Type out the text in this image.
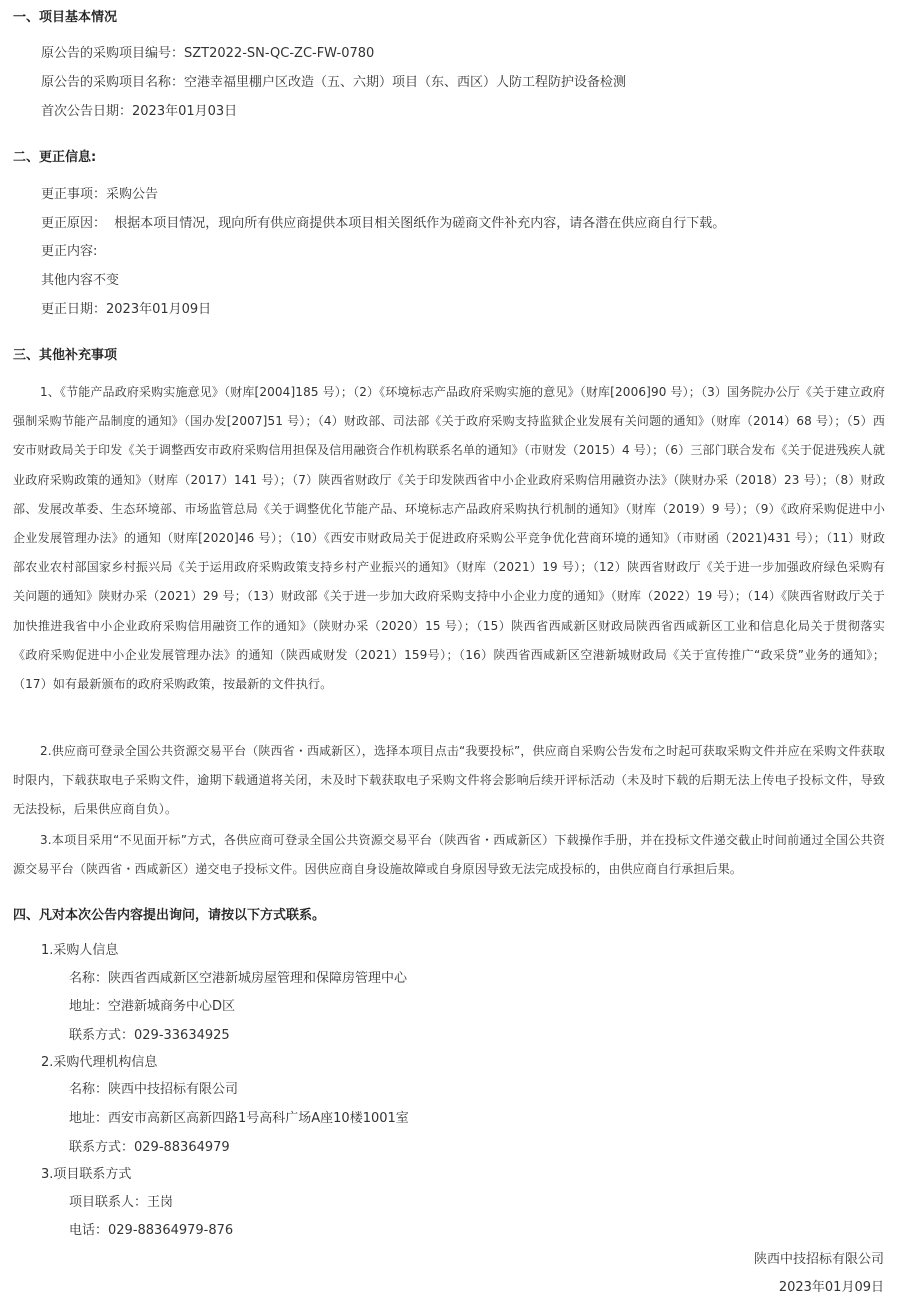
一、项目基本情况

原公告的采购项目编号：SZT2022-SN-QC-ZC-FW-0780

原公告的采购项目名称：空港幸福里棚户区改造（五、六期）项目（东、西区）人防工程防护设备检测

首次公告日期：2023年01月03日

二、更正信息:

更正事项：采购公告

更正原因：  根据本项目情况，现向所有供应商提供本项目相关图纸作为磋商文件补充内容，请各潜在供应商自行下载。

更正内容:

其他内容不变

更正日期：2023年01月09日

三、其他补充事项

1、《节能产品政府采购实施意见》（财库[2004]185 号）；（2）《环境标志产品政府采购实施的意见》（财库[2006]90 号）；（3）国务院办公厅《关于建立政府强制采购节能产品制度的通知》（国办发[2007]51 号）；（4）财政部、司法部《关于政府采购支持监狱企业发展有关问题的通知》（财库（2014）68 号）；（5）西安市财政局关于印发《关于调整西安市政府采购信用担保及信用融资合作机构联系名单的通知》（市财发（2015）4 号）；（6）三部门联合发布《关于促进残疾人就业政府采购政策的通知》（财库（2017）141 号）；（7）陕西省财政厅《关于印发陕西省中小企业政府采购信用融资办法》（陕财办采（2018）23 号）；（8）财政部、发展改革委、生态环境部、市场监管总局《关于调整优化节能产品、环境标志产品政府采购执行机制的通知》（财库（2019）9 号）；（9）《政府采购促进中小企业发展管理办法》的通知（财库[2020]46 号）；（10）《西安市财政局关于促进政府采购公平竞争优化营商环境的通知》（市财函（2021)431 号）；（11）财政部农业农村部国家乡村振兴局《关于运用政府采购政策支持乡村产业振兴的通知》（财库（2021）19 号）；（12）陕西省财政厅《关于进一步加强政府绿色采购有关问题的通知》陕财办采（2021）29 号；（13）财政部《关于进一步加大政府采购支持中小企业力度的通知》（财库（2022）19 号）；（14）《陕西省财政厅关于加快推进我省中小企业政府采购信用融资工作的通知》（陕财办采（2020）15 号）；（15）陕西省西咸新区财政局陕西省西咸新区工业和信息化局关于贯彻落实《政府采购促进中小企业发展管理办法》的通知（陕西咸财发（2021）159号）；（16）陕西省西咸新区空港新城财政局《关于宣传推广“政采贷”业务的通知》；（17）如有最新颁布的政府采购政策，按最新的文件执行。

2.供应商可登录全国公共资源交易平台（陕西省・西咸新区），选择本项目点击“我要投标”，供应商自采购公告发布之时起可获取采购文件并应在采购文件获取时限内，下载获取电子采购文件，逾期下载通道将关闭，未及时下载获取电子采购文件将会影响后续开评标活动（未及时下载的后期无法上传电子投标文件，导致无法投标，后果供应商自负）。

3.本项目采用“不见面开标”方式，各供应商可登录全国公共资源交易平台（陕西省・西咸新区）下载操作手册，并在投标文件递交截止时间前通过全国公共资源交易平台（陕西省・西咸新区）递交电子投标文件。因供应商自身设施故障或自身原因导致无法完成投标的，由供应商自行承担后果。

四、凡对本次公告内容提出询问，请按以下方式联系。

1.采购人信息

名称：陕西省西咸新区空港新城房屋管理和保障房管理中心

地址：空港新城商务中心D区

联系方式：029-33634925

2.采购代理机构信息

名称：陕西中技招标有限公司

地址：西安市高新区高新四路1号高科广场A座10楼1001室

联系方式：029-88364979

3.项目联系方式

项目联系人：王岗

电话：029-88364979-876

陕西中技招标有限公司

2023年01月09日
